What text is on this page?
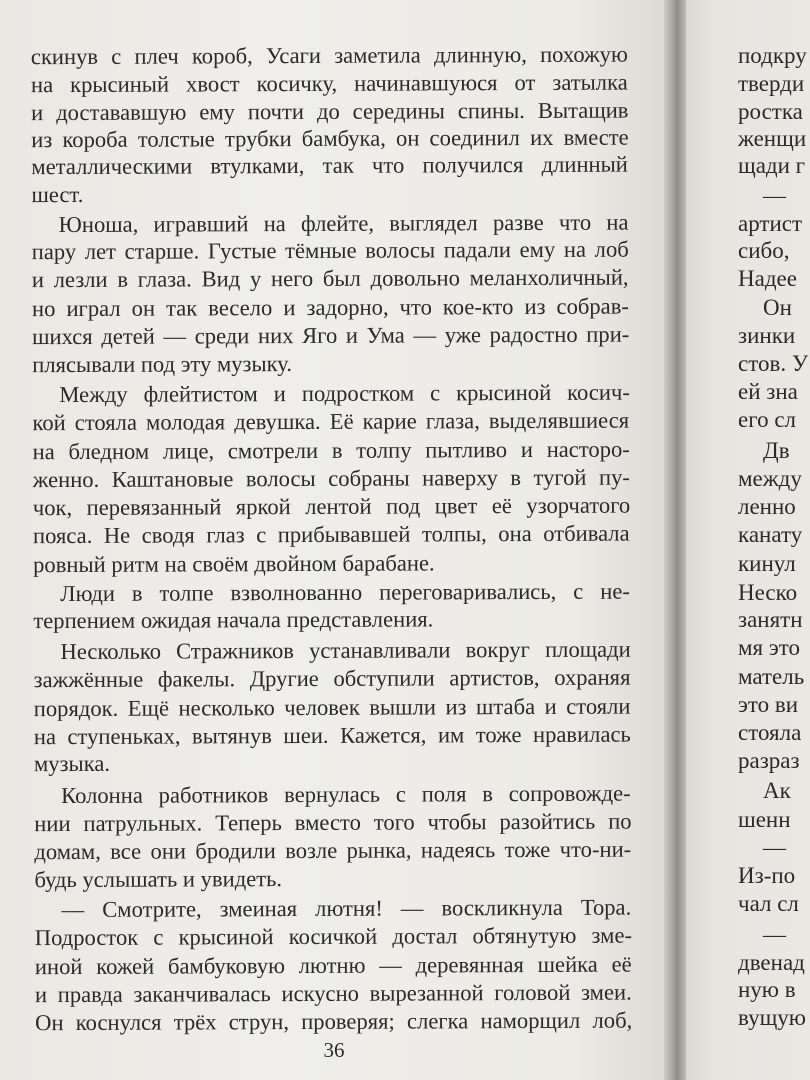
скинув с плеч короб, Усаги заметила длинную, похожую
на крысиный хвост косичку, начинавшуюся от затылка
и достававшую ему почти до середины спины. Вытащив
из короба толстые трубки бамбука, он соединил их вместе
металлическими втулками, так что получился длинный
шест.
Юноша, игравший на флейте, выглядел разве что на
пару лет старше. Густые тёмные волосы падали ему на лоб
и лезли в глаза. Вид у него был довольно меланхоличный,
но играл он так весело и задорно, что кое-кто из собрав-
шихся детей — среди них Яго и Ума — уже радостно при-
плясывали под эту музыку.
Между флейтистом и подростком с крысиной косич-
кой стояла молодая девушка. Её карие глаза, выделявшиеся
на бледном лице, смотрели в толпу пытливо и насторо-
женно. Каштановые волосы собраны наверху в тугой пу-
чок, перевязанный яркой лентой под цвет её узорчатого
пояса. Не сводя глаз с прибывавшей толпы, она отбивала
ровный ритм на своём двойном барабане.
Люди в толпе взволнованно переговаривались, с не-
терпением ожидая начала представления.
Несколько Стражников устанавливали вокруг площади
зажжённые факелы. Другие обступили артистов, охраняя
порядок. Ещё несколько человек вышли из штаба и стояли
на ступеньках, вытянув шеи. Кажется, им тоже нравилась
музыка.
Колонна работников вернулась с поля в сопровожде-
нии патрульных. Теперь вместо того чтобы разойтись по
домам, все они бродили возле рынка, надеясь тоже что-ни-
будь услышать и увидеть.
— Смотрите, змеиная лютня! — воскликнула Тора.
Подросток с крысиной косичкой достал обтянутую зме-
иной кожей бамбуковую лютню — деревянная шейка её
и правда заканчивалась искусно вырезанной головой змеи.
Он коснулся трёх струн, проверяя; слегка наморщил лоб,
36
подкру
тверди
ростка
женщи
щади г
—
артист
сибо,
Надее
Он
зинки
стов. У
ей зна
его сл
Дв
между
ленно
канату
кинул
Неско
занятн
мя это
матель
это ви
стояла
разраз
Ак
шенн
—
Из-по
чал сл
—
двенад
ную в
вущую
